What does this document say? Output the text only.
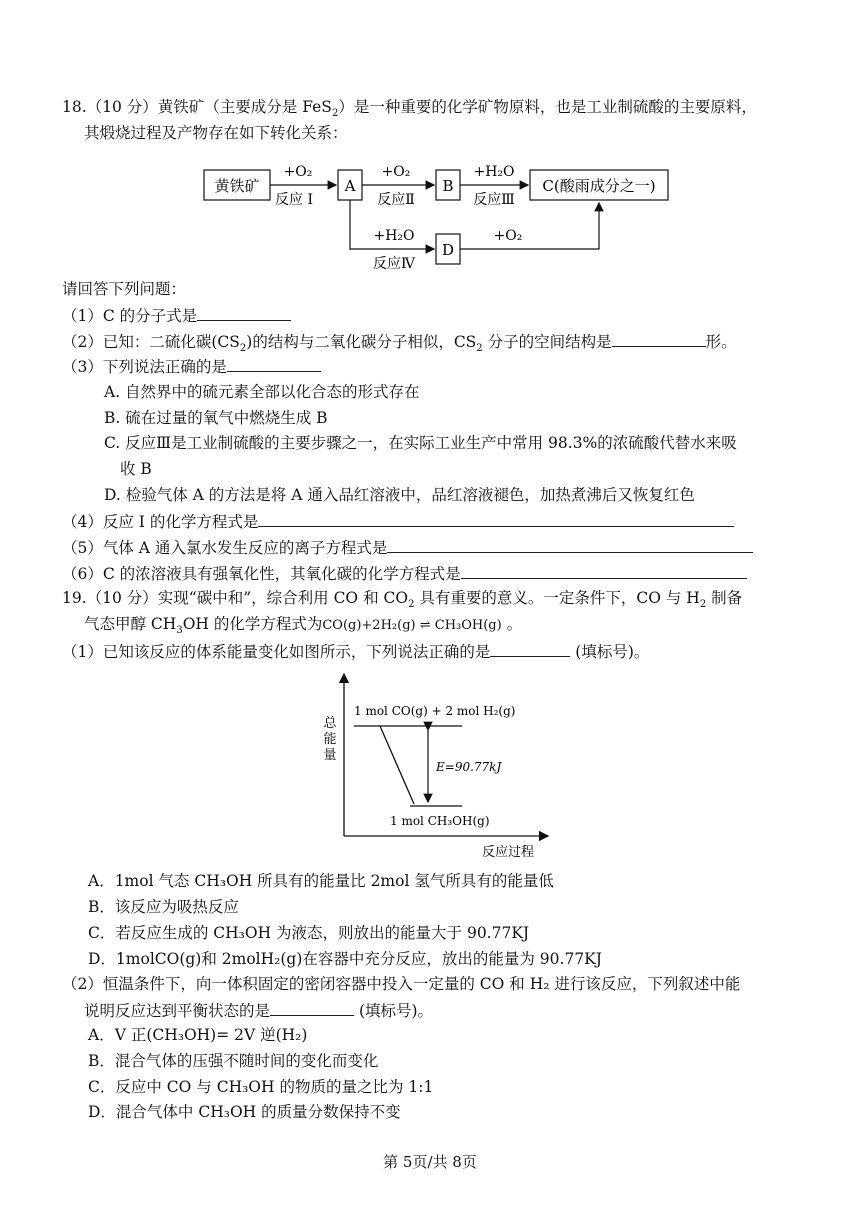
18.（10 分）黄铁矿（主要成分是 FeS$_2$）是一种重要的化学矿物原料，也是工业制硫酸的主要原料，
其煅烧过程及产物存在如下转化关系：
黄铁矿	A	B	C(酸雨成分之一)
D
+O₂
反应 I
+O₂
反应Ⅱ
+H₂O
反应Ⅲ
+H₂O
反应Ⅳ
+O₂
请回答下列问题：
（1）C 的分子式是
（2）已知：二硫化碳$(CS_2)$的结构与二氧化碳分子相似，$CS_2$ 分子的空间结构是	形。
（3）下列说法正确的是
A. 自然界中的硫元素全部以化合态的形式存在
B. 硫在过量的氧气中燃烧生成 B
C. 反应Ⅲ是工业制硫酸的主要步骤之一，在实际工业生产中常用 98.3%的浓硫酸代替水来吸
收 B
D. 检验气体 A 的方法是将 A 通入品红溶液中，品红溶液褪色，加热煮沸后又恢复红色
（4）反应 I 的化学方程式是
（5）气体 A 通入氯水发生反应的离子方程式是
（6）C 的浓溶液具有强氧化性，其氧化碳的化学方程式是
19.（10 分）实现“碳中和”，综合利用 CO 和 $CO_2$ 具有重要的意义。一定条件下，CO 与 $H_2$ 制备
气态甲醇 $CH_3OH$ 的化学方程式为CO(g)+2H₂(g) ⇌ CH₃OH(g) 。
（1）已知该反应的体系能量变化如图所示，下列说法正确的是	(填标号)。
总
能
量
1 mol CO(g) + 2 mol H₂(g)
E=90.77kJ
1 mol CH₃OH(g)
反应过程
A．1mol 气态 CH₃OH 所具有的能量比 2mol 氢气所具有的能量低
B．该反应为吸热反应
C．若反应生成的 CH₃OH 为液态，则放出的能量大于 90.77KJ
D．1molCO(g)和 2molH₂(g)在容器中充分反应，放出的能量为 90.77KJ
（2）恒温条件下，向一体积固定的密闭容器中投入一定量的 CO 和 H₂ 进行该反应，下列叙述中能
说明反应达到平衡状态的是	(填标号)。
A．V 正(CH₃OH)= 2V 逆(H₂)
B．混合气体的压强不随时间的变化而变化
C．反应中 CO 与 CH₃OH 的物质的量之比为 1:1
D．混合气体中 CH₃OH 的质量分数保持不变
第 5页/共 8页
